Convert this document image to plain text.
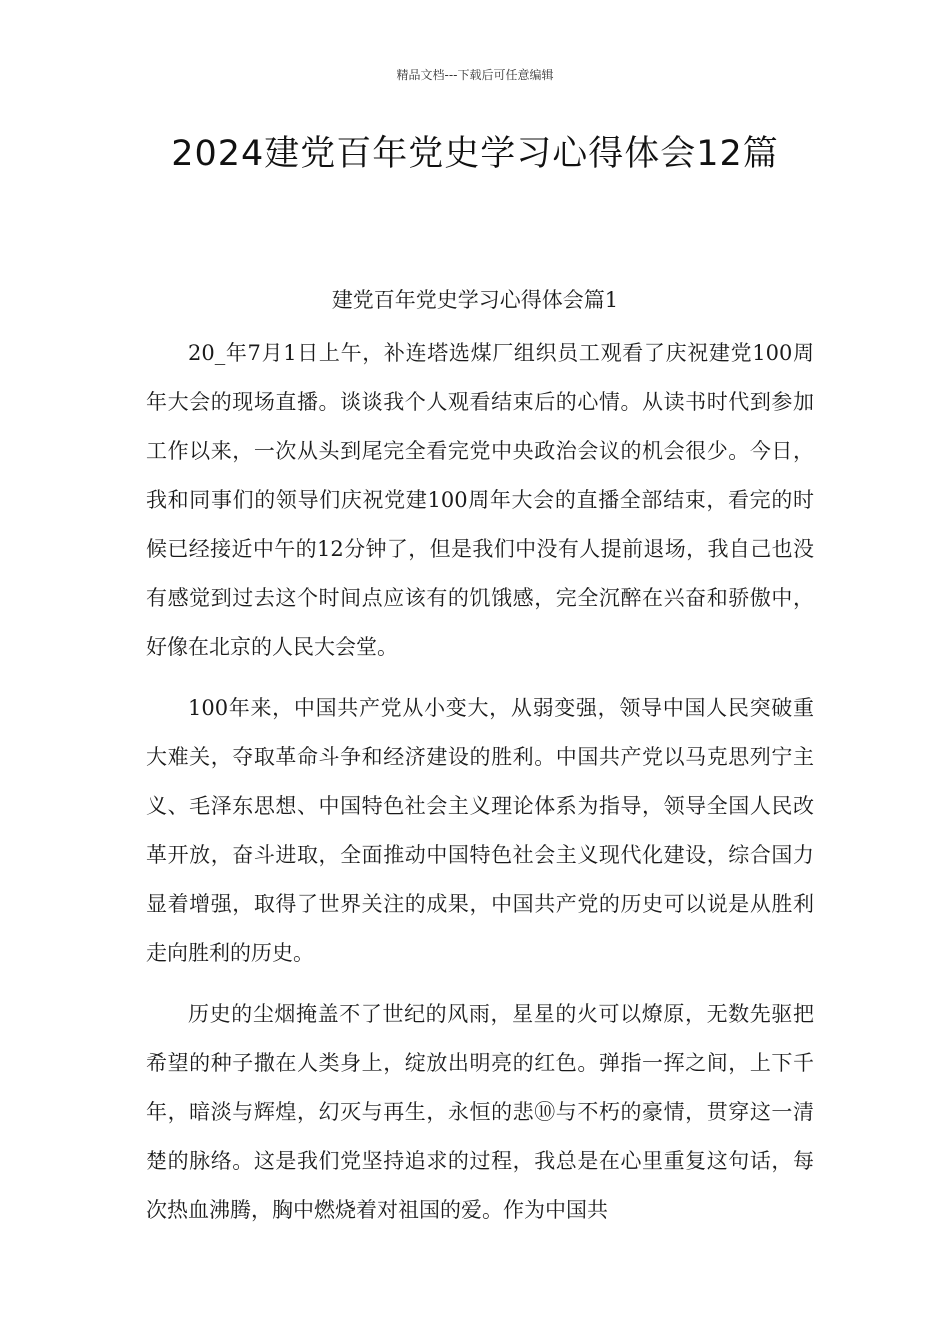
精品文档---下载后可任意编辑
2024建党百年党史学习心得体会12篇
建党百年党史学习心得体会篇1

20_年7月1日上午，补连塔选煤厂组织员工观看了庆祝建党100周年大会的现场直播。谈谈我个人观看结束后的心情。从读书时代到参加工作以来，一次从头到尾完全看完党中央政治会议的机会很少。今日，我和同事们的领导们庆祝党建100周年大会的直播全部结束，看完的时候已经接近中午的12分钟了，但是我们中没有人提前退场，我自己也没有感觉到过去这个时间点应该有的饥饿感，完全沉醉在兴奋和骄傲中，好像在北京的人民大会堂。

100年来，中国共产党从小变大，从弱变强，领导中国人民突破重大难关，夺取革命斗争和经济建设的胜利。中国共产党以马克思列宁主义、毛泽东思想、中国特色社会主义理论体系为指导，领导全国人民改革开放，奋斗进取，全面推动中国特色社会主义现代化建设，综合国力显着增强，取得了世界关注的成果，中国共产党的历史可以说是从胜利走向胜利的历史。

历史的尘烟掩盖不了世纪的风雨，星星的火可以燎原，无数先驱把希望的种子撒在人类身上，绽放出明亮的红色。弹指一挥之间，上下千年，暗淡与辉煌，幻灭与再生，永恒的悲⑩与不朽的豪情，贯穿这一清楚的脉络。这是我们党坚持追求的过程，我总是在心里重复这句话，每次热血沸腾，胸中燃烧着对祖国的爱。作为中国共
